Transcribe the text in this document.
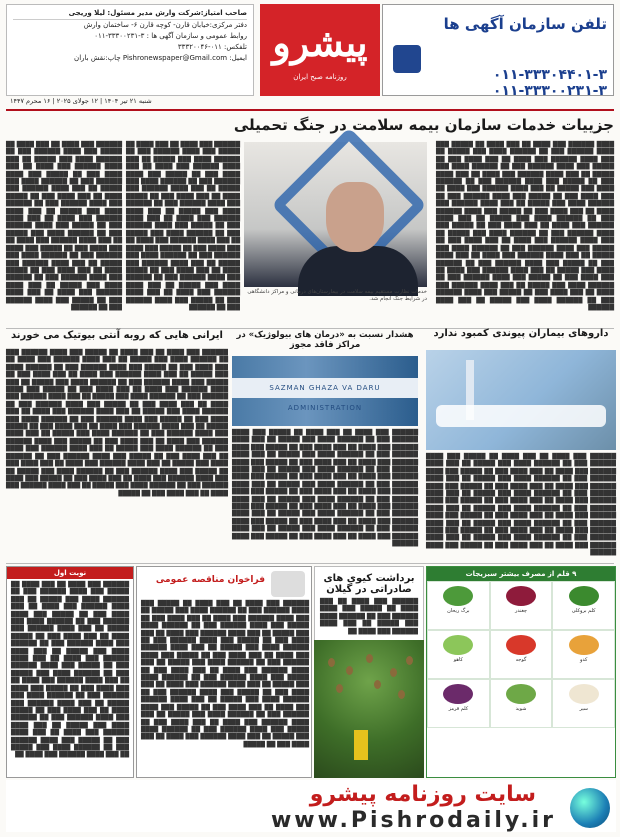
تلفن سازمان آگهی ها
۰۱۱-۳۳۳۰۴۴۰۱-۳ ۰۱۱-۳۳۳۰۰۲۳۱-۳
پیشرو
روزنامه صبح ایران
صاحب امتیاز:شرکت وارش مدیر مسئول: لیلا وریجی
دفتر مرکزی:خیابان قارن- کوچه قارن ۶- ساختمان وارش
روابط عمومی و سازمان آگهی ها : ۳-۳۳۳۰۰۲۳۱-۰۱۱
تلفکس: ۰۱۱-۳۳۳۲۰۰۴۶
ایمیل: Pishronewspaper@Gmail.com چاپ:نقش باران
شنبه ۲۱ تیر ۱۴۰۴ | ۱۲ جولای ۲۰۲۵ | ۱۶ محرم ۱۴۴۷
جزییات خدمات سازمان بیمه سلامت در جنگ تحمیلی
████ ██████ ███ ████ ██ ███ ████ ██ █████ ███ ████ ██████ ███ ██ ██████ ████ ███ █████ ██ ███ ████ ██████ ███ ████ ██ ███ ████ ███ ██ █████ ███ ████ ██████ ███ ██ ██████ ████ ███ █████ ██ ███ ████ ██████ ███ ████ ██ ███ ████ ███ ██ █████ ███ ████ ██████ ███ ██ ██████ ████ ███ █████ ██ ███ ████ ██████ ███ ████ ██ ███ ████ ███ ██ █████ ███ ████ ██████ ███ ██ ██████ ████ ███ █████ ██ ███ ████ ██████ ███ ████ ██ ███ ████ ███ ██ █████ ███ ████ ██████ ███ ██ ██████ ████ ███ █████ ██ ███ ████ ██████ ███ ████ ██ ███ ████ ███ ██ █████ ███ ████ ██████ ███ ██ ██████ ████ ███ █████ ██ ███ ████ ██████ ███ ████ ██ ███ ████ ███ ██ █████ ███ ████ ██████ ███ ██ ██████ ████ ███ █████ ██ ███ ████ ██████ ███ ████ ██ ███ ████ ███ ██ █████ ███ ████ ██████ ███ ██ ██████ ████ ███ █████ ██ ███ ████ ██████ ███ ████ ██ ███ ████ ███ ██ █████ ███ ████ ██████ ███ ██ ██████ ████ ███ █████ ██ ███ ████ ██████ ███ ████ ██ ███ ████ ███ ██ █████ ███ ████ ██████ ███ ██ ██████ ████ ███ █████ ██ ███ ████ ██████
خدمات نظارت مستقیم بیمه سلامت در بیمارستان‌های درمانی و مراکز دانشگاهی در شرایط جنگ انجام شد.
██████ ███ ████ ██ ███ ████ ██ █████ ███ ████ ██████ ███ ██ ██████ ████ ███ █████ ██ ███ ████ ██████ ███ ████ ██ ███ ████ ███ ██ █████ ███ ████ ██████ ███ ██ ██████ ████ ███ █████ ██ ███ ████ ██████ ███ ████ ██ ███ ████ ███ ██ █████ ███ ████ ██████ ███ ██ ██████ ████ ███ █████ ██ ███ ████ ██████ ███ ████ ██ ███ ████ ███ ██ █████ ███ ████ ██████ ███ ██ ██████ ████ ███ █████ ██ ███ ████ ██████ ███ ████ ██ ███ ████ ███ ██ █████ ███ ████ ██████ ███ ██ ██████ ████ ███ █████ ██ ███ ████ ██████ ███ ████ ██ ███ ████ ███ ██ █████ ███ ████ ██████ ███ ██ ██████ ████ ███ █████ ██ ███ ████ ██████ ███ ████ ██ ███ ████ ███ ██ █████ ███ ████ ██████ ███ ██ ██████
██████ ███ ████ ██ ███ ████ ██ █████ ███ ████ ██████ ███ ██ ██████ ████ ███ █████ ██ ███ ████ ██████ ███ ████ ██ ███ ████ ███ ██ █████ ███ ████ ██████ ███ ██ ██████ ████ ███ █████ ██ ███ ████ ██████ ███ ████ ██ ███ ████ ███ ██ █████ ███ ████ ██████ ███ ██ ██████ ████ ███ █████ ██ ███ ████ ██████ ███ ████ ██ ███ ████ ███ ██ █████ ███ ████ ██████ ███ ██ ██████ ████ ███ █████ ██ ███ ████ ██████ ███ ████ ██ ███ ████ ███ ██ █████ ███ ████ ██████ ███ ██ ██████ ████ ███ █████ ██ ███ ████ ██████ ███ ████ ██ ███ ████ ███ ██ █████ ███ ████ ██████ ███ ██ ██████ ████ ███ █████ ██ ███ ████ ██████ ███ ████ ██ ███ ████ ███ ██ █████ ███ ████ ██████ ███ ██ ██████
داروهای بیماران پیوندی کمبود ندارد
██████ ███ ████ ██ ███ ████ ██ █████ ███ ████ ██████ ███ ██ ██████ ████ ███ █████ ██ ███ ████ ██████ ███ ████ ██ ███ ████ ███ ██ █████ ███ ████ ██████ ███ ██ ██████ ████ ███ █████ ██ ███ ████ ██████ ███ ████ ██ ███ ████ ███ ██ █████ ███ ████ ██████ ███ ██ ██████ ████ ███ █████ ██ ███ ████ ██████ ███ ████ ██ ███ ████ ███ ██ █████ ███ ████ ██████ ███ ██ ██████ ████ ███ █████ ██ ███ ████ ██████ ███ ████ ██ ███ ████ ███ ██ █████ ███ ████ ██████ ███ ██ ██████ ████ ███ █████ ██ ███ ████ ██████ ███ ████ ██ ███ ████ ███ ██ █████ ███ ████ ██████ ███ ██ ██████ ████ ███ █████ ██ ███ ████ ██████ ███ ████ ██ ███ ████ ███ ██ █████ ███ ████ ██████
هشدار نسبت به «درمان های بیولوژیک» در مراکز فاقد مجوز
SAZMAN GHAZA VA DARU ADMINISTRATION
██████ ███ ████ ██ ███ ████ ██ █████ ███ ████ ██████ ███ ██ ██████ ████ ███ █████ ██ ███ ████ ██████ ███ ████ ██ ███ ████ ███ ██ █████ ███ ████ ██████ ███ ██ ██████ ████ ███ █████ ██ ███ ████ ██████ ███ ████ ██ ███ ████ ███ ██ █████ ███ ████ ██████ ███ ██ ██████ ████ ███ █████ ██ ███ ████ ██████ ███ ████ ██ ███ ████ ███ ██ █████ ███ ████ ██████ ███ ██ ██████ ████ ███ █████ ██ ███ ████ ██████ ███ ████ ██ ███ ████ ███ ██ █████ ███ ████ ██████ ███ ██ ██████ ████ ███ █████ ██ ███ ████ ██████ ███ ████ ██ ███ ████ ███ ██ █████ ███ ████ ██████ ███ ██ ██████ ████ ███ █████ ██ ███ ████ ██████ ███ ████ ██ ███ ████ ███ ██ █████ ███ ████ ██████ ███ ██ ██████ ████ ███ █████ ██ ███ ████ ██████ ███ ████ ██ ███ ████ ███ ██ █████ ███ ████ ██████
ایرانی هایی که روبه آنتی بیوتیک می خورند
██████ ███ ████ ██ ███ ████ ██ █████ ███ ████ ██████ ███ ██ ██████ ████ ███ █████ ██ ███ ████ ██████ ███ ████ ██ ███ ████ ███ ██ █████ ███ ████ ██████ ███ ██ ██████ ████ ███ █████ ██ ███ ████ ██████ ███ ████ ██ ███ ████ ███ ██ █████ ███ ████ ██████ ███ ██ ██████ ████ ███ █████ ██ ███ ████ ██████ ███ ████ ██ ███ ████ ███ ██ █████ ███ ████ ██████ ███ ██ ██████ ████ ███ █████ ██ ███ ████ ██████ ███ ████ ██ ███ ████ ███ ██ █████ ███ ████ ██████ ███ ██ ██████ ████ ███ █████ ██ ███ ████ ██████ ███ ████ ██ ███ ████ ███ ██ █████ ███ ████ ██████ ███ ██ ██████ ████ ███ █████ ██ ███ ████ ██████ ███ ████ ██ ███ ████ ███ ██ █████ ███ ████ ██████ ███ ██ ██████ ████ ███ █████ ██ ███ ████ ██████ ███ ████ ██ ███ ████ ███ ██ █████ ███ ████ ██████ ███ ██ ██████ ████ ███ █████ ██ ███ ████ ██████ ███ ████ ██ ███ ████ ███ ██ █████ ███ ████ ██████ ███ ██ ██████ ████ ███ █████ ██ ███ ████ ██████ ███ ████ ██ ███ ████ ███ ██ █████ ███ ████ ██████ ███ ██ ██████ ████ ███ █████ ██ ███ ████ ██████ ███ ████ ██ ███ ████ ███ ██ █████ ███ ████ ██████ ███ ██ ██████ ████ ███ █████ ██ ███ ████ ██████ ███ ████ ██ ███ ████ ███ ██ █████
۹ قلم از مصرف بیشتر سبزیجات
کلم بروکلی
چغندر
برگ ریحان
کدو
گوجه
کاهو
سیر
شوید
کلم قرمز
برداشت کیوی های صادراتی در گیلان
██████ ███ ████ ██ ███ ████ ██ █████ ███ ████ ██████ ███ ██ ██████ ████ ███ █████ ██ ███ ████ ██████ ███ ████ ██
فراخوان مناقصه عمومی
██████ ███ ████ ██ ███ ████ ██ █████ ███ ████ ██████ ███ ██ ██████ ████ ███ █████ ██ ███ ████ ██████ ███ ████ ██ ███ ████ ███ ██ █████ ███ ████ ██████ ███ ██ ██████ ████ ███ █████ ██ ███ ████ ██████ ███ ████ ██ ███ ████ ███ ██ █████ ███ ████ ██████ ███ ██ ██████ ████ ███ █████ ██ ███ ████ ██████ ███ ████ ██ ███ ████ ███ ██ █████ ███ ████ ██████ ███ ██ ██████ ████ ███ █████ ██ ███ ████ ██████ ███ ████ ██ ███ ████ ███ ██ █████ ███ ████ ██████ ███ ██ ██████ ████ ███ █████ ██ ███ ████ ██████ ███ ████ ██ ███ ████ ███ ██ █████ ███ ████ ██████ ███ ██ ██████ ████ ███ █████ ██ ███ ████ ██████ ███ ████ ██ ███ ████ ███ ██ █████ ███ ████ ██████ ███ ██ ██████ ████ ███ █████ ██ ███ ████ ██████ ███ ████ ██ ███ ████ ███ ██ █████ ███ ████ ██████ ███ ██ ██████ ████ ███ █████ ██ ███ ████ ██████ ███ ████ ██ ███ ████ ███ ██ █████
نوبت اول
██████ ███ ████ ██ ███ ████ ██ █████ ███ ████ ██████ ███ ██ ██████ ████ ███ █████ ██ ███ ████ ██████ ███ ████ ██ ███ ████ ███ ██ █████ ███ ████ ██████ ███ ██ ██████ ████ ███ █████ ██ ███ ████ ██████ ███ ████ ██ ███ ████ ███ ██ █████ ███ ████ ██████ ███ ██ ██████ ████ ███ █████ ██ ███ ████ ██████ ███ ████ ██ ███ ████ ███ ██ █████ ███ ████ ██████ ███ ██ ██████ ████ ███ █████ ██ ███ ████ ██████ ███ ████ ██ ███ ████ ███ ██ █████ ███ ████ ██████ ███ ██ ██████ ████ ███ █████ ██ ███ ████ ██████ ███ ████ ██ ███ ████ ███ ██ █████ ███ ████ ██████ ███ ██ ██████ ████ ███ █████ ██ ███ ████ ██████ ███ ████ ██ ███ ████ ███ ██ █████ ███ ████ ██████ ███ ██ ██████ ████ ███ █████ ██ ███ ████ ██████ ███ ████ ██
سایت روزنامه پیشرو
www.Pishrodaily.ir
